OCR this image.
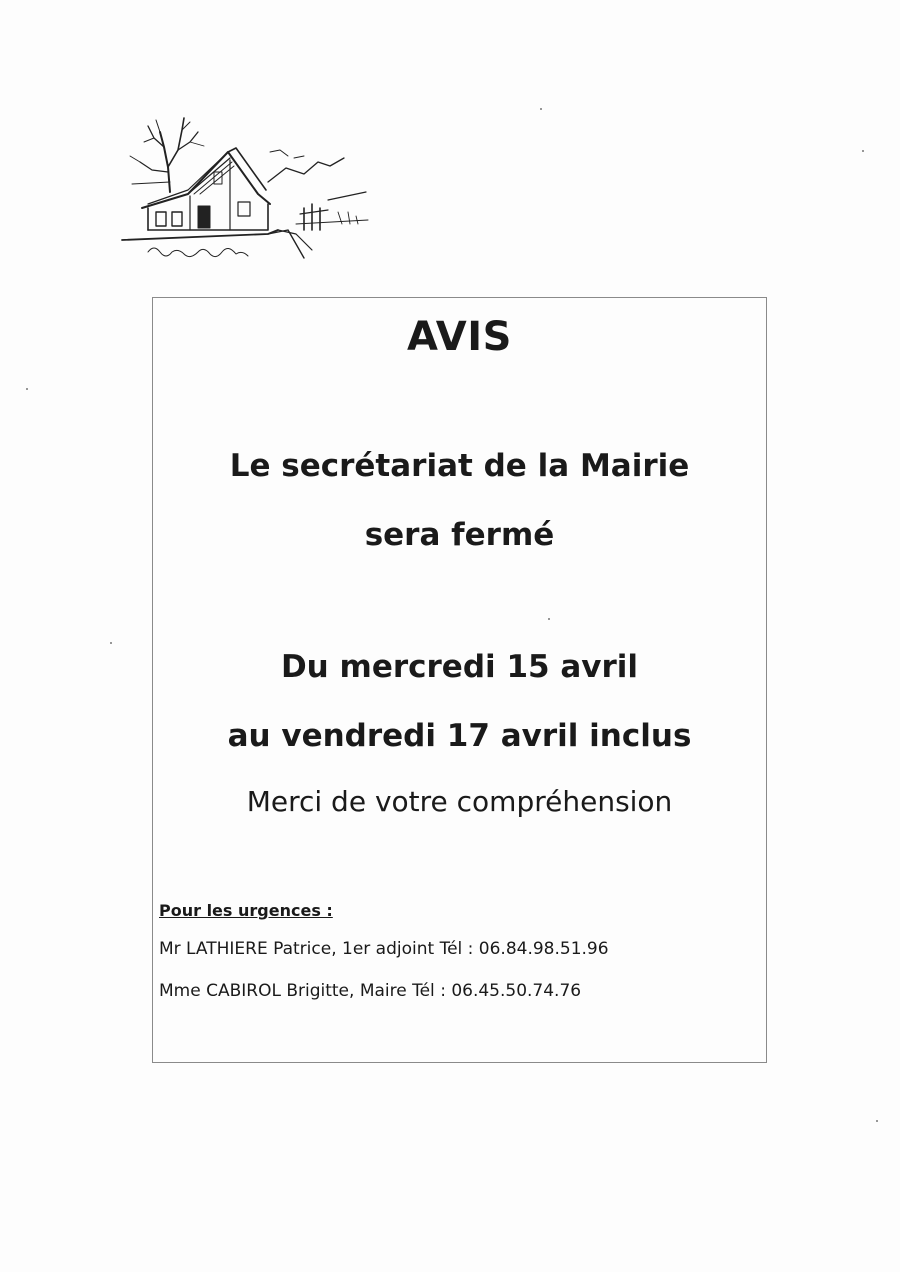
AVIS
Le secrétariat de la Mairie
sera fermé
Du mercredi 15 avril
au vendredi 17 avril inclus
Merci de votre compréhension
Pour les urgences :
Mr LATHIERE Patrice, 1er adjoint Tél : 06.84.98.51.96
Mme CABIROL Brigitte, Maire Tél : 06.45.50.74.76
